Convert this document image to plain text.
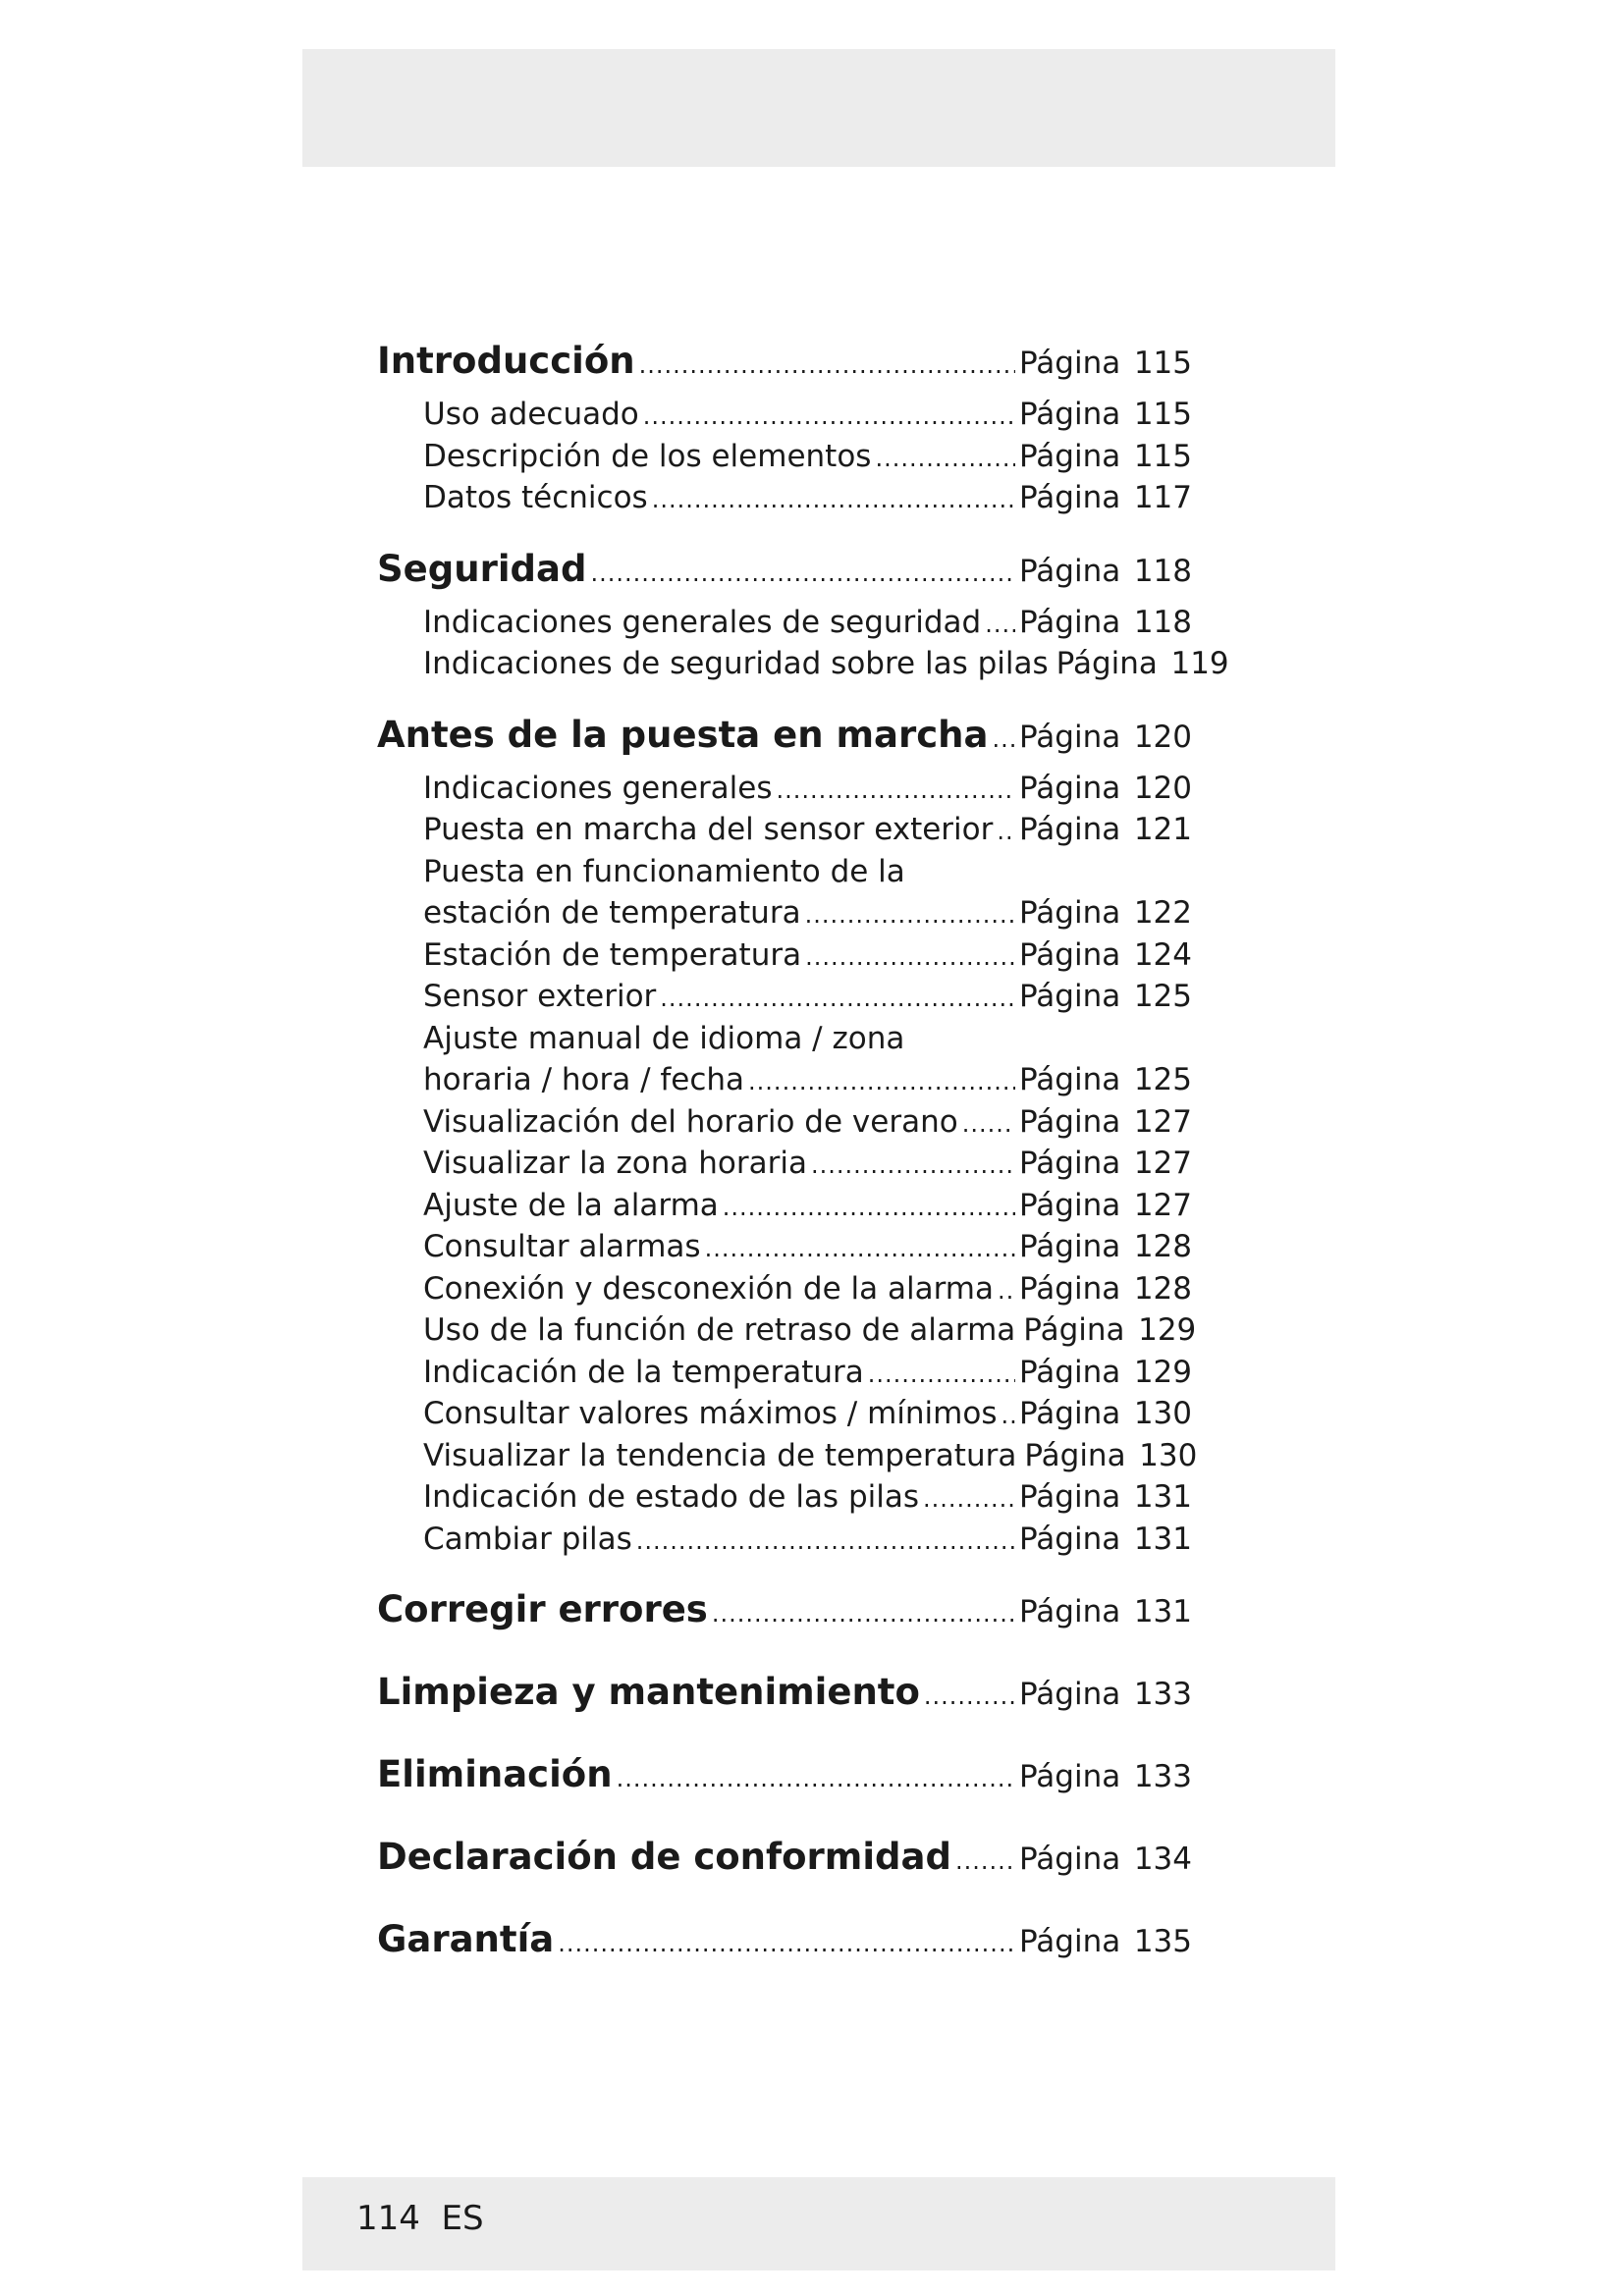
Introducción .....	Página 115
Uso adecuado .....	Página 115
Descripción de los elementos .....	Página 115
Datos técnicos .....	Página 117
Seguridad .....	Página 118
Indicaciones generales de seguridad ..... Página 118
Indicaciones de seguridad sobre las pilas Página 119
Antes de la puesta en marcha ..... Página 120
Indicaciones generales .....	Página 120
Puesta en marcha del sensor exterior ..... Página 121
Puesta en funcionamiento de la
estación de temperatura .....	Página 122
Estación de temperatura .....	Página 124
Sensor exterior .....	Página 125
Ajuste manual de idioma / zona
horaria / hora / fecha .....	Página 125
Visualización del horario de verano ..... Página 127
Visualizar la zona horaria .....	Página 127
Ajuste de la alarma .....	Página 127
Consultar alarmas .....	Página 128
Conexión y desconexión de la alarma ..... Página 128
Uso de la función de retraso de alarma Página 129
Indicación de la temperatura .....	Página 129
Consultar valores máximos / mínimos ..... Página 130
Visualizar la tendencia de temperatura Página 130
Indicación de estado de las pilas .....	Página 131
Cambiar pilas .....	Página 131
Corregir errores .....	Página 131
Limpieza y mantenimiento .....	Página 133
Eliminación .....	Página 133
Declaración de conformidad ..... Página 134
Garantía .....	Página 135
114  ES
